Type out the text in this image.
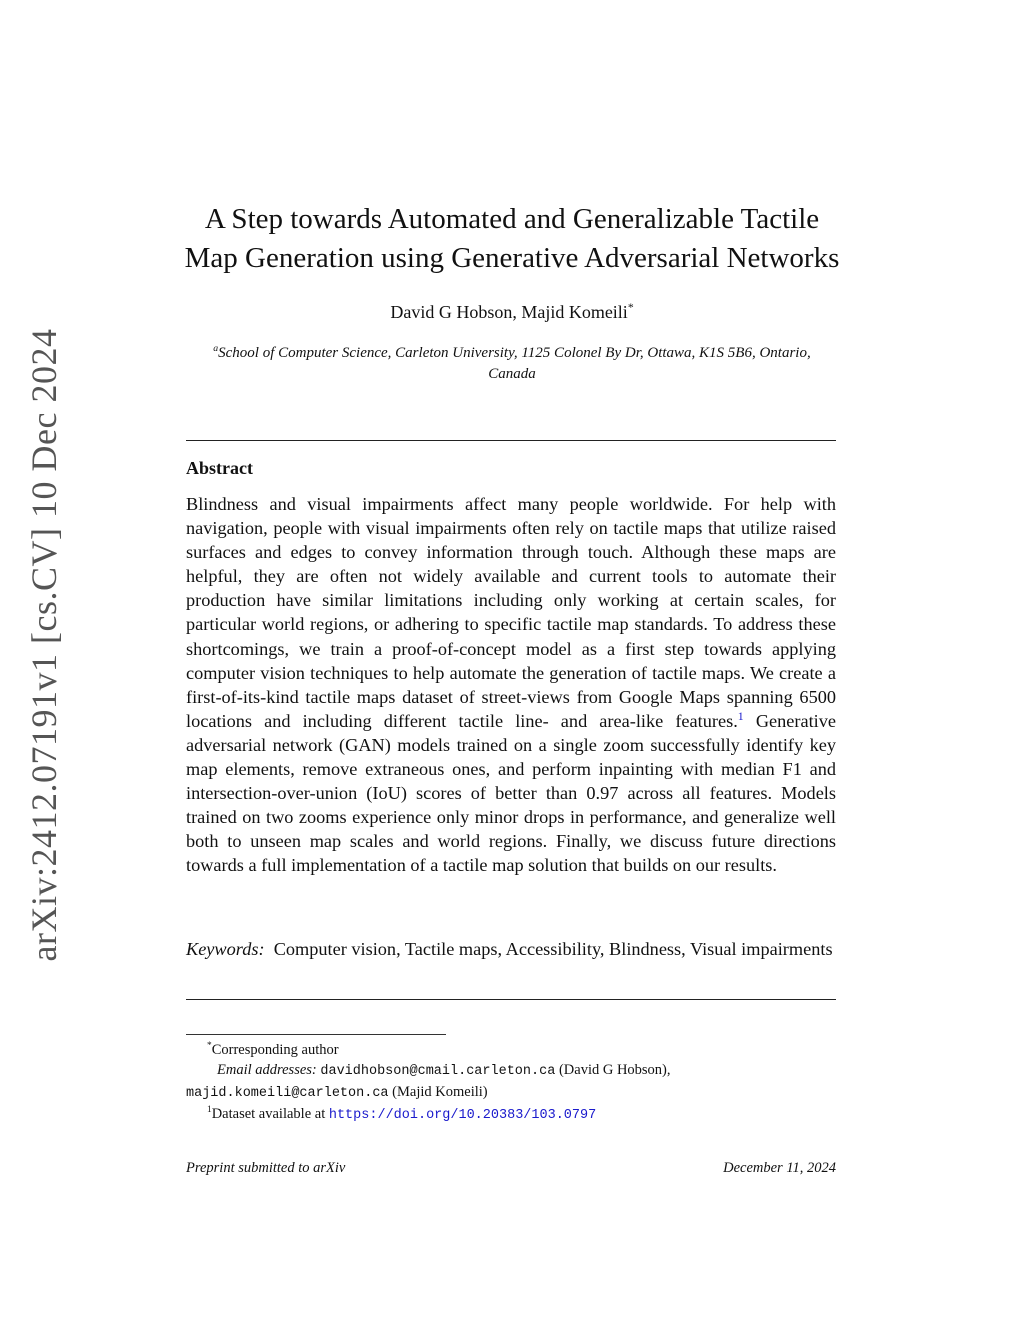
arXiv:2412.07191v1 [cs.CV] 10 Dec 2024
A Step towards Automated and Generalizable Tactile
Map Generation using Generative Adversarial Networks
David G Hobson, Majid Komeili*
$^a$School of Computer Science, Carleton University, 1125 Colonel By Dr, Ottawa, K1S 5B6, Ontario, Canada
Abstract
Blindness and visual impairments affect many people worldwide. For help with navigation, people with visual impairments often rely on tactile maps that utilize raised surfaces and edges to convey information through touch. Although these maps are helpful, they are often not widely available and current tools to automate their production have similar limitations including only working at certain scales, for particular world regions, or adhering to specific tactile map standards. To address these shortcomings, we train a proof-of-concept model as a first step towards applying computer vision techniques to help automate the generation of tactile maps. We create a first-of-its-kind tactile maps dataset of street-views from Google Maps spanning 6500 locations and including different tactile line- and area-like features.$^1$ Generative adversarial network (GAN) models trained on a single zoom successfully identify key map elements, remove extraneous ones, and perform inpainting with median F1 and intersection-over-union (IoU) scores of better than 0.97 across all features. Models trained on two zooms experience only minor drops in performance, and generalize well both to unseen map scales and world regions. Finally, we discuss future directions towards a full implementation of a tactile map solution that builds on our results.
Keywords: Computer vision, Tactile maps, Accessibility, Blindness, Visual impairments
*Corresponding author
Email addresses: davidhobson@cmail.carleton.ca (David G Hobson),
majid.komeili@carleton.ca (Majid Komeili)
$^1$Dataset available at https://doi.org/10.20383/103.0797
Preprint submitted to arXiv	December 11, 2024
